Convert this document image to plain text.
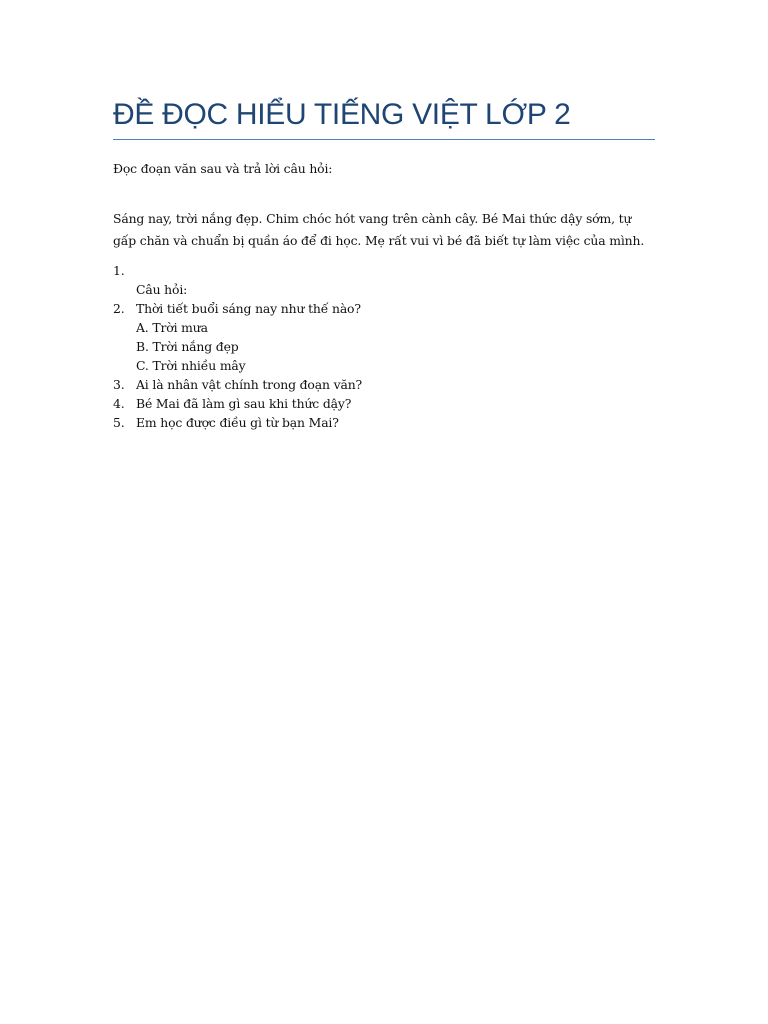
ĐỀ ĐỌC HIỂU TIẾNG VIỆT LỚP 2
Đọc đoạn văn sau và trả lời câu hỏi:
Sáng nay, trời nắng đẹp. Chim chóc hót vang trên cành cây. Bé Mai thức dậy sớm, tự gấp chăn và chuẩn bị quần áo để đi học. Mẹ rất vui vì bé đã biết tự làm việc của mình.
1.
Câu hỏi:
2. Thời tiết buổi sáng nay như thế nào?
A. Trời mưa
B. Trời nắng đẹp
C. Trời nhiều mây
3. Ai là nhân vật chính trong đoạn văn?
4. Bé Mai đã làm gì sau khi thức dậy?
5. Em học được điều gì từ bạn Mai?
